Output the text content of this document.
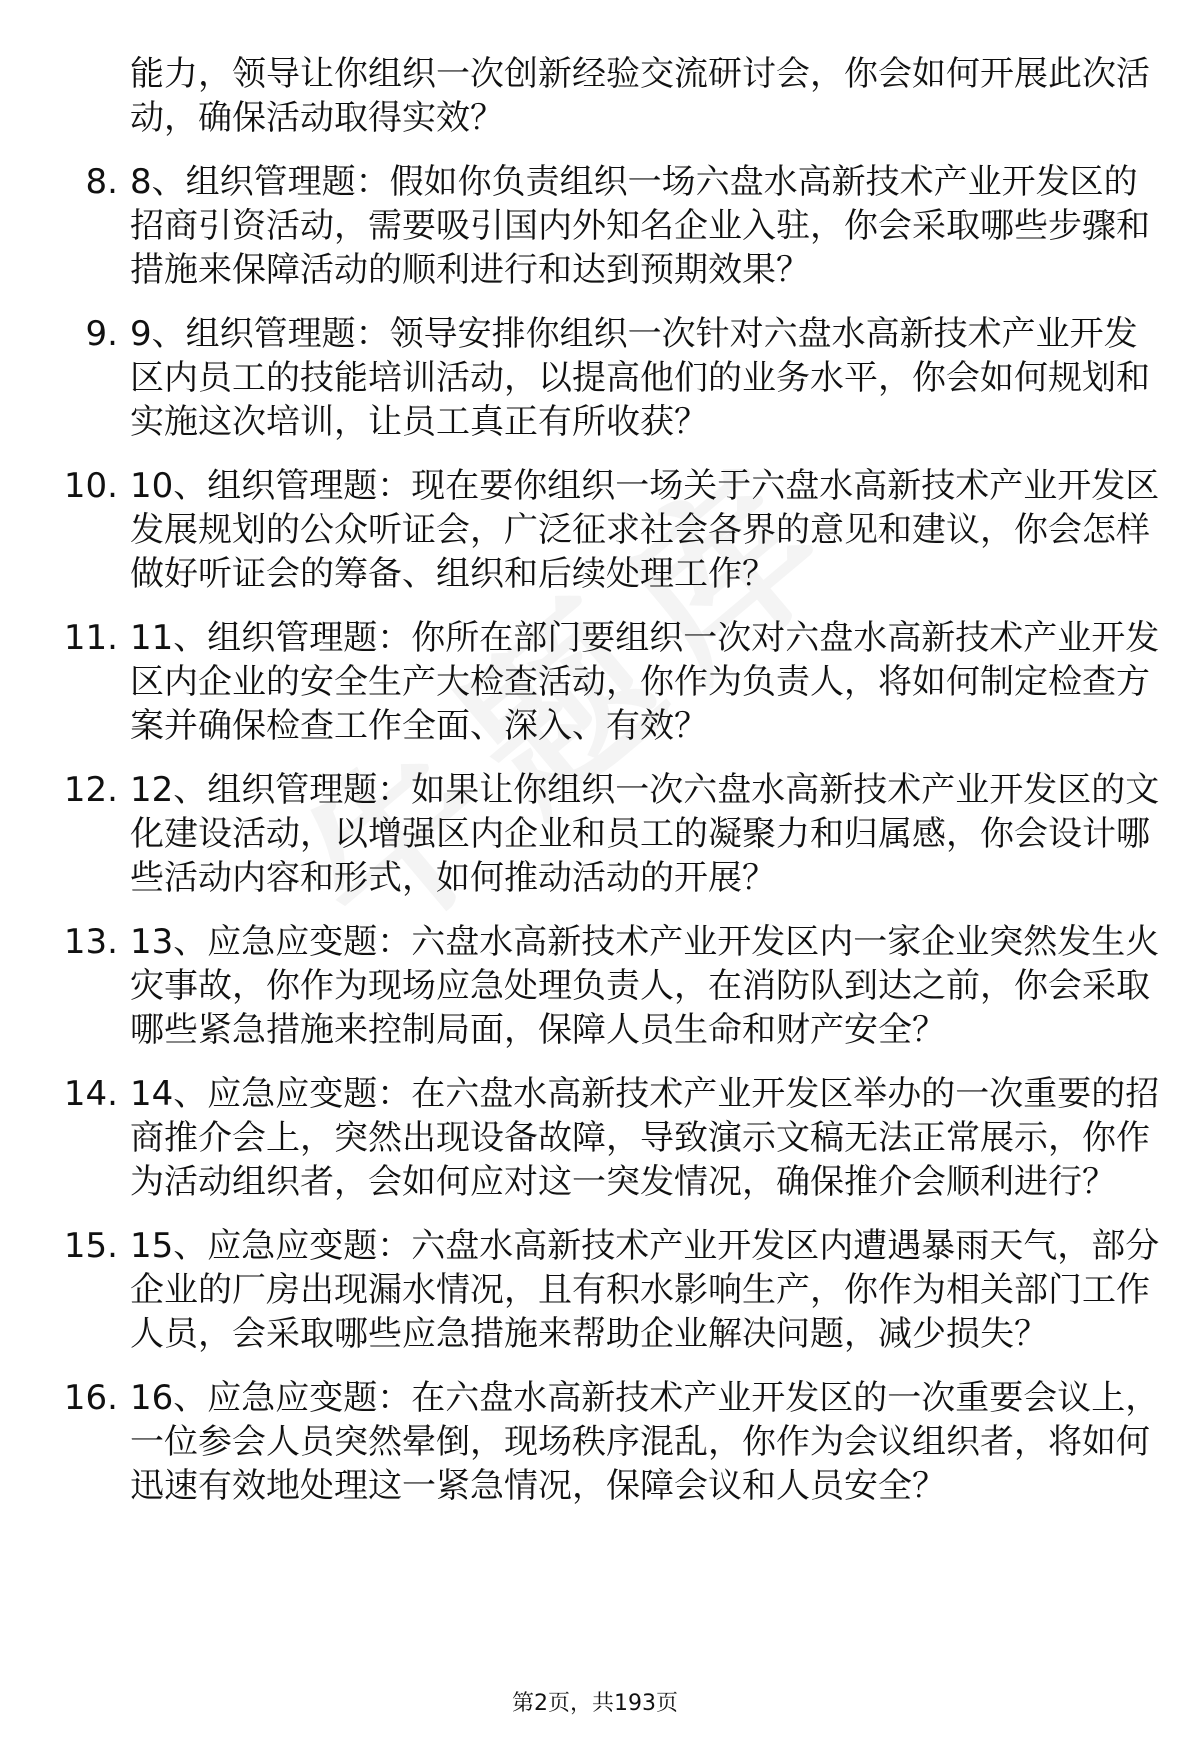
能力，领导让你组织一次创新经验交流研讨会，你会如何开展此次活动，确保活动取得实效？
8. 8、组织管理题：假如你负责组织一场六盘水高新技术产业开发区的招商引资活动，需要吸引国内外知名企业入驻，你会采取哪些步骤和措施来保障活动的顺利进行和达到预期效果？
9. 9、组织管理题：领导安排你组织一次针对六盘水高新技术产业开发区内员工的技能培训活动，以提高他们的业务水平，你会如何规划和实施这次培训，让员工真正有所收获？
10. 10、组织管理题：现在要你组织一场关于六盘水高新技术产业开发区发展规划的公众听证会，广泛征求社会各界的意见和建议，你会怎样做好听证会的筹备、组织和后续处理工作？
11. 11、组织管理题：你所在部门要组织一次对六盘水高新技术产业开发区内企业的安全生产大检查活动，你作为负责人，将如何制定检查方案并确保检查工作全面、深入、有效？
12. 12、组织管理题：如果让你组织一次六盘水高新技术产业开发区的文化建设活动，以增强区内企业和员工的凝聚力和归属感，你会设计哪些活动内容和形式，如何推动活动的开展？
13. 13、应急应变题：六盘水高新技术产业开发区内一家企业突然发生火灾事故，你作为现场应急处理负责人，在消防队到达之前，你会采取哪些紧急措施来控制局面，保障人员生命和财产安全？
14. 14、应急应变题：在六盘水高新技术产业开发区举办的一次重要的招商推介会上，突然出现设备故障，导致演示文稿无法正常展示，你作为活动组织者，会如何应对这一突发情况，确保推介会顺利进行？
15. 15、应急应变题：六盘水高新技术产业开发区内遭遇暴雨天气，部分企业的厂房出现漏水情况，且有积水影响生产，你作为相关部门工作人员，会采取哪些应急措施来帮助企业解决问题，减少损失？
16. 16、应急应变题：在六盘水高新技术产业开发区的一次重要会议上，一位参会人员突然晕倒，现场秩序混乱，你作为会议组织者，将如何迅速有效地处理这一紧急情况，保障会议和人员安全？
第2页，共193页
